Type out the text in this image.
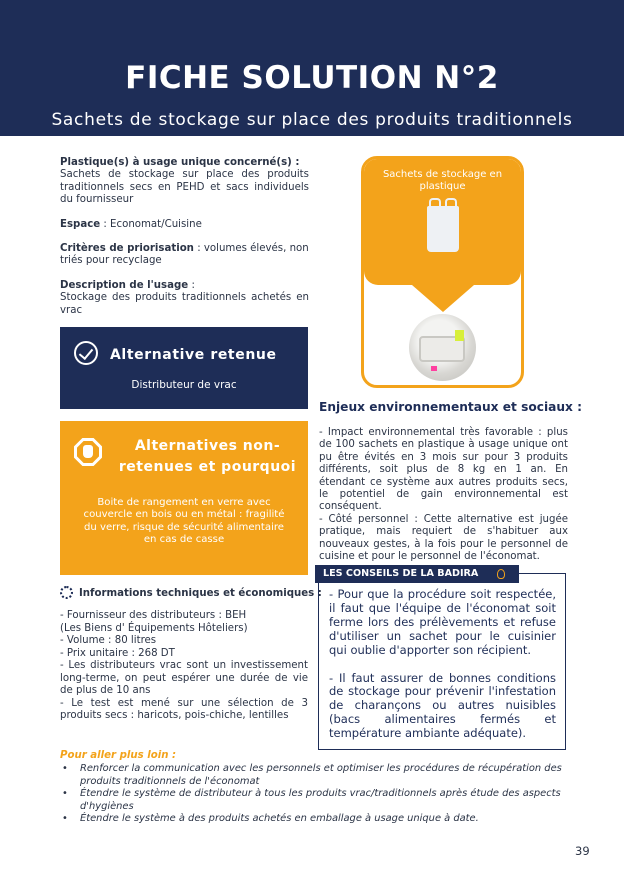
FICHE SOLUTION N°2
Sachets de stockage sur place des produits traditionnels
Plastique(s) à usage unique concerné(s) :
Sachets de stockage sur place des produits traditionnels secs en PEHD et sacs individuels du fournisseur
Espace : Economat/Cuisine
Critères de priorisation : volumes élevés, non triés pour recyclage
Description de l'usage :
Stockage des produits traditionnels achetés en vrac
Alternative retenue
Distributeur de vrac
Alternatives non-retenues et pourquoi
Boite de rangement en verre avec couvercle en bois ou en métal : fragilité du verre, risque de sécurité alimentaire en cas de casse
Informations techniques et économiques :
- Fournisseur des distributeurs : BEH
(Les Biens d' Équipements Hôteliers)
- Volume : 80 litres
- Prix unitaire : 268 DT
- Les distributeurs vrac sont un investissement long-terme, on peut espérer une durée de vie de plus de 10 ans
- Le test est mené sur une sélection de 3 produits secs : haricots, pois-chiche, lentilles
Sachets de stockage en plastique
Enjeux environnementaux et sociaux :
- Impact environnemental très favorable : plus de 100 sachets en plastique à usage unique ont pu être évités en 3 mois sur pour 3 produits différents, soit plus de 8 kg en 1 an. En étendant ce système aux autres produits secs, le potentiel de gain environnemental est conséquent.
- Côté personnel : Cette alternative est jugée pratique, mais requiert de s'habituer aux nouveaux gestes, à la fois pour le personnel de cuisine et pour le personnel de l'économat.
- Pour que la procédure soit respectée, il faut que l'équipe de l'économat soit ferme lors des prélèvements et refuse d'utiliser un sachet pour le cuisinier qui oublie d'apporter son récipient.
- Il faut assurer de bonnes conditions de stockage pour prévenir l'infestation de charançons ou autres nuisibles (bacs alimentaires fermés et température ambiante adéquate).
LES CONSEILS DE LA BADIRA
Pour aller plus loin :
• Renforcer la communication avec les personnels et optimiser les procédures de récupération des produits traditionnels de l'économat
• Étendre le système de distributeur à tous les produits vrac/traditionnels après étude des aspects d'hygiènes
• Étendre le système à des produits achetés en emballage à usage unique à date.
39
